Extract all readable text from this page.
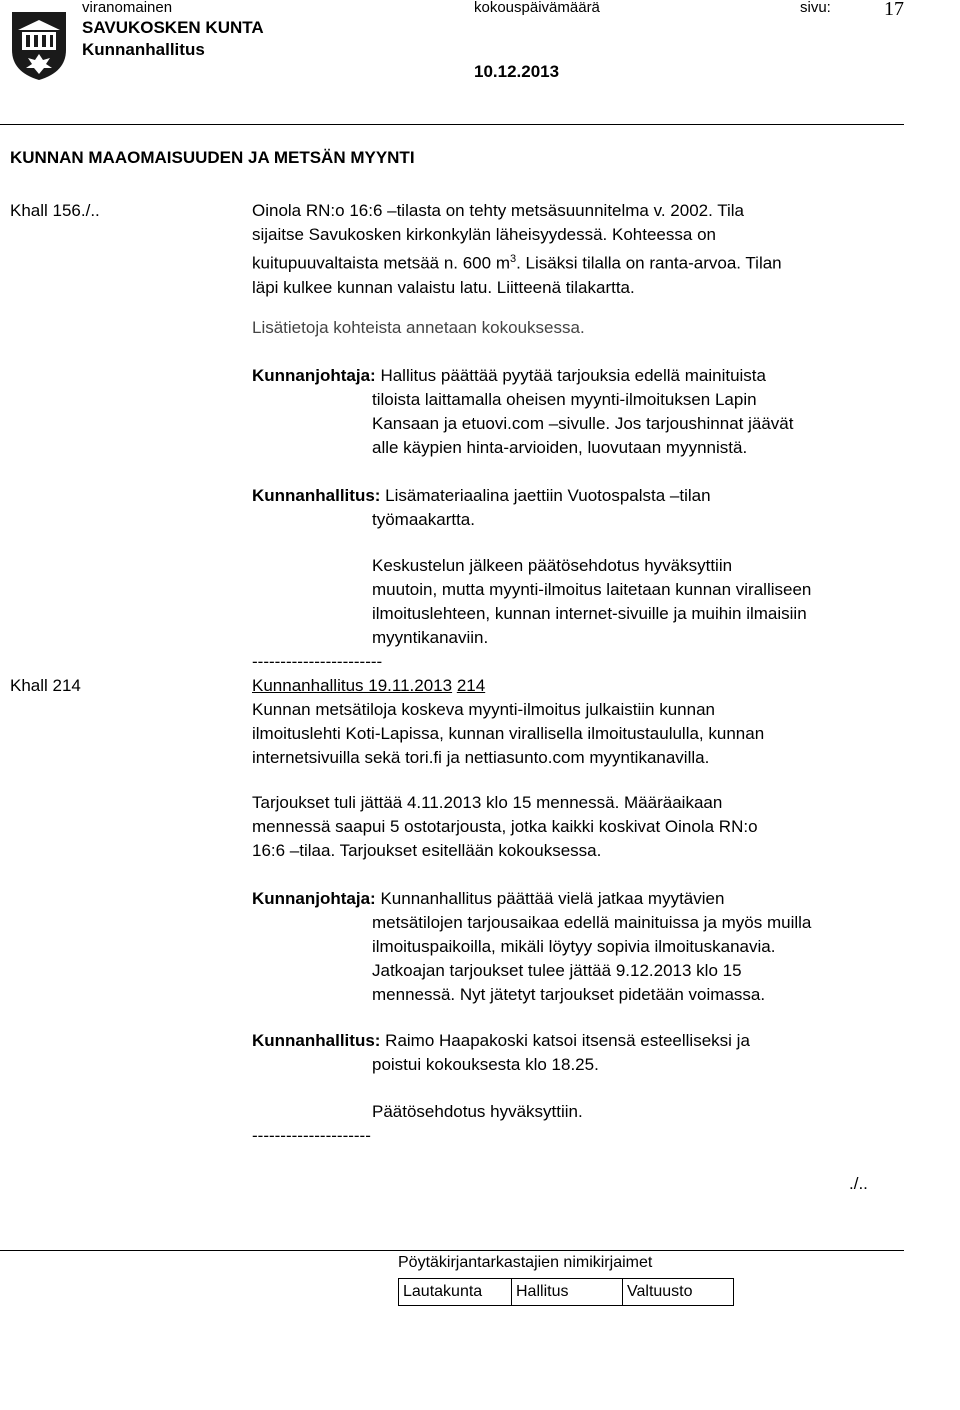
viranomainen	kokouspäivämäärä	sivu:	17
SAVUKOSKEN KUNTA
Kunnanhallitus
10.12.2013
KUNNAN MAAOMAISUUDEN JA METSÄN MYYNTI
Khall 156./..	Oinola RN:o 16:6 –tilasta on tehty metsäsuunnitelma v. 2002. Tila
sijaitse Savukosken kirkonkylän läheisyydessä. Kohteessa on
kuitupuuvaltaista metsää n. 600 $m^3$. Lisäksi tilalla on ranta-arvoa. Tilan
läpi kulkee kunnan valaistu latu. Liitteenä tilakartta.
Lisätietoja kohteista annetaan kokouksessa.
Kunnanjohtaja: Hallitus päättää pyytää tarjouksia edellä mainituista
tiloista laittamalla oheisen myynti-ilmoituksen Lapin
Kansaan ja etuovi.com –sivulle. Jos tarjoushinnat jäävät
alle käypien hinta-arvioiden, luovutaan myynnistä.
Kunnanhallitus: Lisämateriaalina jaettiin Vuotospalsta –tilan
työmaakartta.
Keskustelun jälkeen päätösehdotus hyväksyttiin
muutoin, mutta myynti-ilmoitus laitetaan kunnan viralliseen
ilmoituslehteen, kunnan internet-sivuille ja muihin ilmaisiin
myyntikanaviin.
-----------------------
Khall 214	Kunnanhallitus 19.11.2013 214
Kunnan metsätiloja koskeva myynti-ilmoitus julkaistiin kunnan
ilmoituslehti Koti-Lapissa, kunnan virallisella ilmoitustaululla, kunnan
internetsivuilla sekä tori.fi ja nettiasunto.com myyntikanavilla.
Tarjoukset tuli jättää 4.11.2013 klo 15 mennessä. Määräaikaan
mennessä saapui 5 ostotarjousta, jotka kaikki koskivat Oinola RN:o
16:6 –tilaa. Tarjoukset esitellään kokouksessa.
Kunnanjohtaja: Kunnanhallitus päättää vielä jatkaa myytävien
metsätilojen tarjousaikaa edellä mainituissa ja myös muilla
ilmoituspaikoilla, mikäli löytyy sopivia ilmoituskanavia.
Jatkoajan tarjoukset tulee jättää 9.12.2013 klo 15
mennessä. Nyt jätetyt tarjoukset pidetään voimassa.
Kunnanhallitus: Raimo Haapakoski katsoi itsensä esteelliseksi ja
poistui kokouksesta klo 18.25.
Päätösehdotus hyväksyttiin.
---------------------
./..
Pöytäkirjantarkastajien nimikirjaimet
Lautakunta	Hallitus	Valtuusto
